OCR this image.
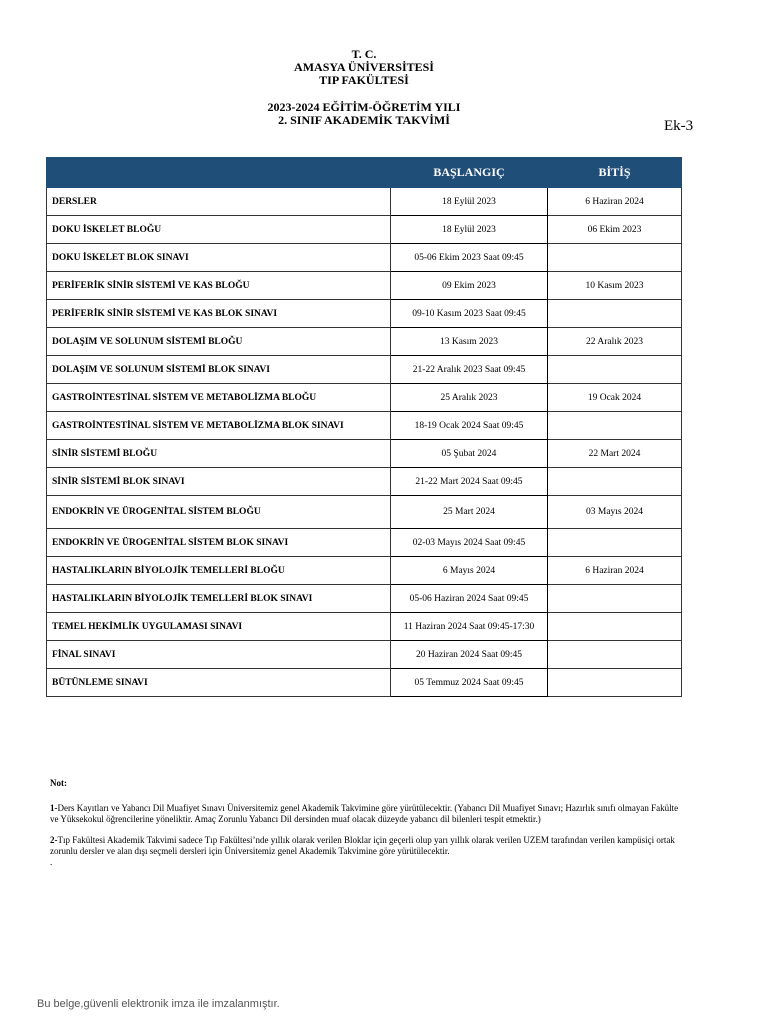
T. C.
AMASYA ÜNİVERSİTESİ
TIP FAKÜLTESİ
2023-2024 EĞİTİM-ÖĞRETİM YILI
2. SINIF AKADEMİK TAKVİMİ	Ek-3
	BAŞLANGIÇ	BİTİŞ
DERSLER	18 Eylül 2023	6 Haziran 2024
DOKU İSKELET BLOĞU	18 Eylül 2023	06 Ekim 2023
DOKU İSKELET BLOK SINAVI	05-06 Ekim 2023 Saat 09:45	
PERİFERİK SİNİR SİSTEMİ VE KAS BLOĞU	09 Ekim 2023	10 Kasım 2023
PERİFERİK SİNİR SİSTEMİ VE KAS BLOK SINAVI	09-10 Kasım 2023 Saat 09:45	
DOLAŞIM VE SOLUNUM SİSTEMİ BLOĞU	13 Kasım 2023	22 Aralık 2023
DOLAŞIM VE SOLUNUM SİSTEMİ BLOK SINAVI	21-22 Aralık 2023 Saat 09:45	
GASTROİNTESTİNAL SİSTEM VE METABOLİZMA BLOĞU	25 Aralık 2023	19 Ocak 2024
GASTROİNTESTİNAL SİSTEM VE METABOLİZMA BLOK SINAVI	18-19 Ocak 2024 Saat 09:45	
SİNİR SİSTEMİ BLOĞU	05 Şubat 2024	22 Mart 2024
SİNİR SİSTEMİ BLOK SINAVI	21-22 Mart 2024 Saat 09:45	
ENDOKRİN VE ÜROGENİTAL SİSTEM BLOĞU	25 Mart 2024	03 Mayıs 2024
ENDOKRİN VE ÜROGENİTAL SİSTEM BLOK SINAVI	02-03 Mayıs 2024 Saat 09:45	
HASTALIKLARIN BİYOLOJİK TEMELLERİ BLOĞU	6 Mayıs 2024	6 Haziran 2024
HASTALIKLARIN BİYOLOJİK TEMELLERİ BLOK SINAVI	05-06 Haziran 2024 Saat 09:45	
TEMEL HEKİMLİK UYGULAMASI SINAVI	11 Haziran 2024 Saat 09:45-17:30	
FİNAL SINAVI	20 Haziran 2024 Saat 09:45	
BÜTÜNLEME SINAVI	05 Temmuz 2024 Saat 09:45	
Not:

1-Ders Kayıtları ve Yabancı Dil Muafiyet Sınavı Üniversitemiz genel Akademik Takvimine göre yürütülecektir. (Yabancı Dil Muafiyet Sınavı; Hazırlık sınıfı olmayan Fakülte ve Yüksekokul öğrencilerine yöneliktir. Amaç Zorunlu Yabancı Dil dersinden muaf olacak düzeyde yabancı dil bilenleri tespit etmektir.)

2-Tıp Fakültesi Akademik Takvimi sadece Tıp Fakültesi’nde yıllık olarak verilen Bloklar için geçerli olup yarı yıllık olarak verilen UZEM tarafından verilen kampüsiçi ortak zorunlu dersler ve alan dışı seçmeli dersleri için Üniversitemiz genel Akademik Takvimine göre yürütülecektir.

.
Bu belge,güvenli elektronik imza ile imzalanmıştır.
